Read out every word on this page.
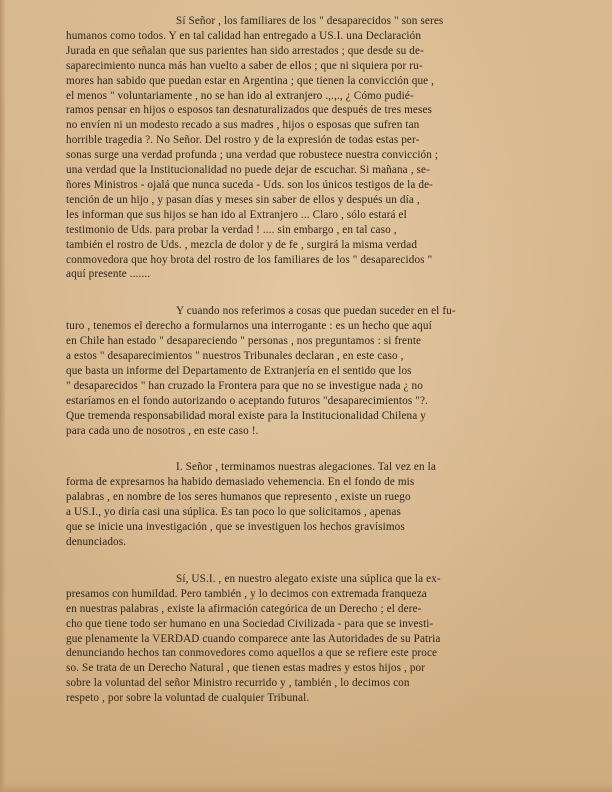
Sí Señor , los familiares de los " desaparecidos " son seres
humanos como todos. Y en tal calidad han entregado a US.I. una Declaración
Jurada en que señalan que sus parientes han sido arrestados ; que desde su de-
saparecimiento nunca más han vuelto a saber de ellos ; que ni siquiera por ru-
mores han sabido que puedan estar en Argentina ; que tienen la convicción que ,
el menos " voluntariamente , no se han ido al extranjero .,.,., ¿ Cómo pudié-
ramos pensar en hijos o esposos tan desnaturalizados que después de tres meses
no envíen ni un modesto recado a sus madres , hijos o esposas que sufren tan
horrible tragedia ?. No Señor. Del rostro y de la expresión de todas estas per-
sonas surge una verdad profunda ; una verdad que robustece nuestra convicción ;
una verdad que la Institucionalidad no puede dejar de escuchar. Si mañana , se-
ñores Ministros - ojalá que nunca suceda - Uds. son los únicos testigos de la de-
tención de un hijo , y pasan días y meses sin saber de ellos y después un día ,
les informan que sus hijos se han ido al Extranjero ... Claro , sólo estará el
testimonio de Uds. para probar la verdad ! .... sin embargo , en tal caso ,
también el rostro de Uds. , mezcla de dolor y de fe , surgirá la misma verdad
conmovedora que hoy brota del rostro de los familiares de los " desaparecidos "
aquí presente .......

Y cuando nos referimos a cosas que puedan suceder en el fu-
turo , tenemos el derecho a formularnos una interrogante : es un hecho que aquí
en Chile han estado " desapareciendo " personas , nos preguntamos : si frente
a estos " desaparecimientos " nuestros Tribunales declaran , en este caso ,
que basta un informe del Departamento de Extranjería en el sentido que los
" desaparecidos " han cruzado la Frontera para que no se investigue nada ¿ no
estaríamos en el fondo autorizando o aceptando futuros "desaparecimientos "?.
Que tremenda responsabilidad moral existe para la Institucionalidad Chilena y
para cada uno de nosotros , en este caso !.

I. Señor , terminamos nuestras alegaciones. Tal vez en la
forma de expresarnos ha habido demasiado vehemencia. En el fondo de mis
palabras , en nombre de los seres humanos que represento , existe un ruego
a US.I., yo diría casi una súplica. Es tan poco lo que solicitamos , apenas
que se inicie una investigación , que se investiguen los hechos gravísimos
denunciados.

Sí, US.I. , en nuestro alegato existe una súplica que la ex-
presamos con humildad. Pero también , y lo decimos con extremada franqueza
en nuestras palabras , existe la afirmación categórica de un Derecho ; el dere-
cho que tiene todo ser humano en una Sociedad Civilizada - para que se investi-
gue plenamente la VERDAD cuando comparece ante las Autoridades de su Patria
denunciando hechos tan conmovedores como aquellos a que se refiere este proce
so. Se trata de un Derecho Natural , que tienen estas madres y estos hijos , por
sobre la voluntad del señor Ministro recurrido y , también , lo decimos con
respeto , por sobre la voluntad de cualquier Tribunal.
